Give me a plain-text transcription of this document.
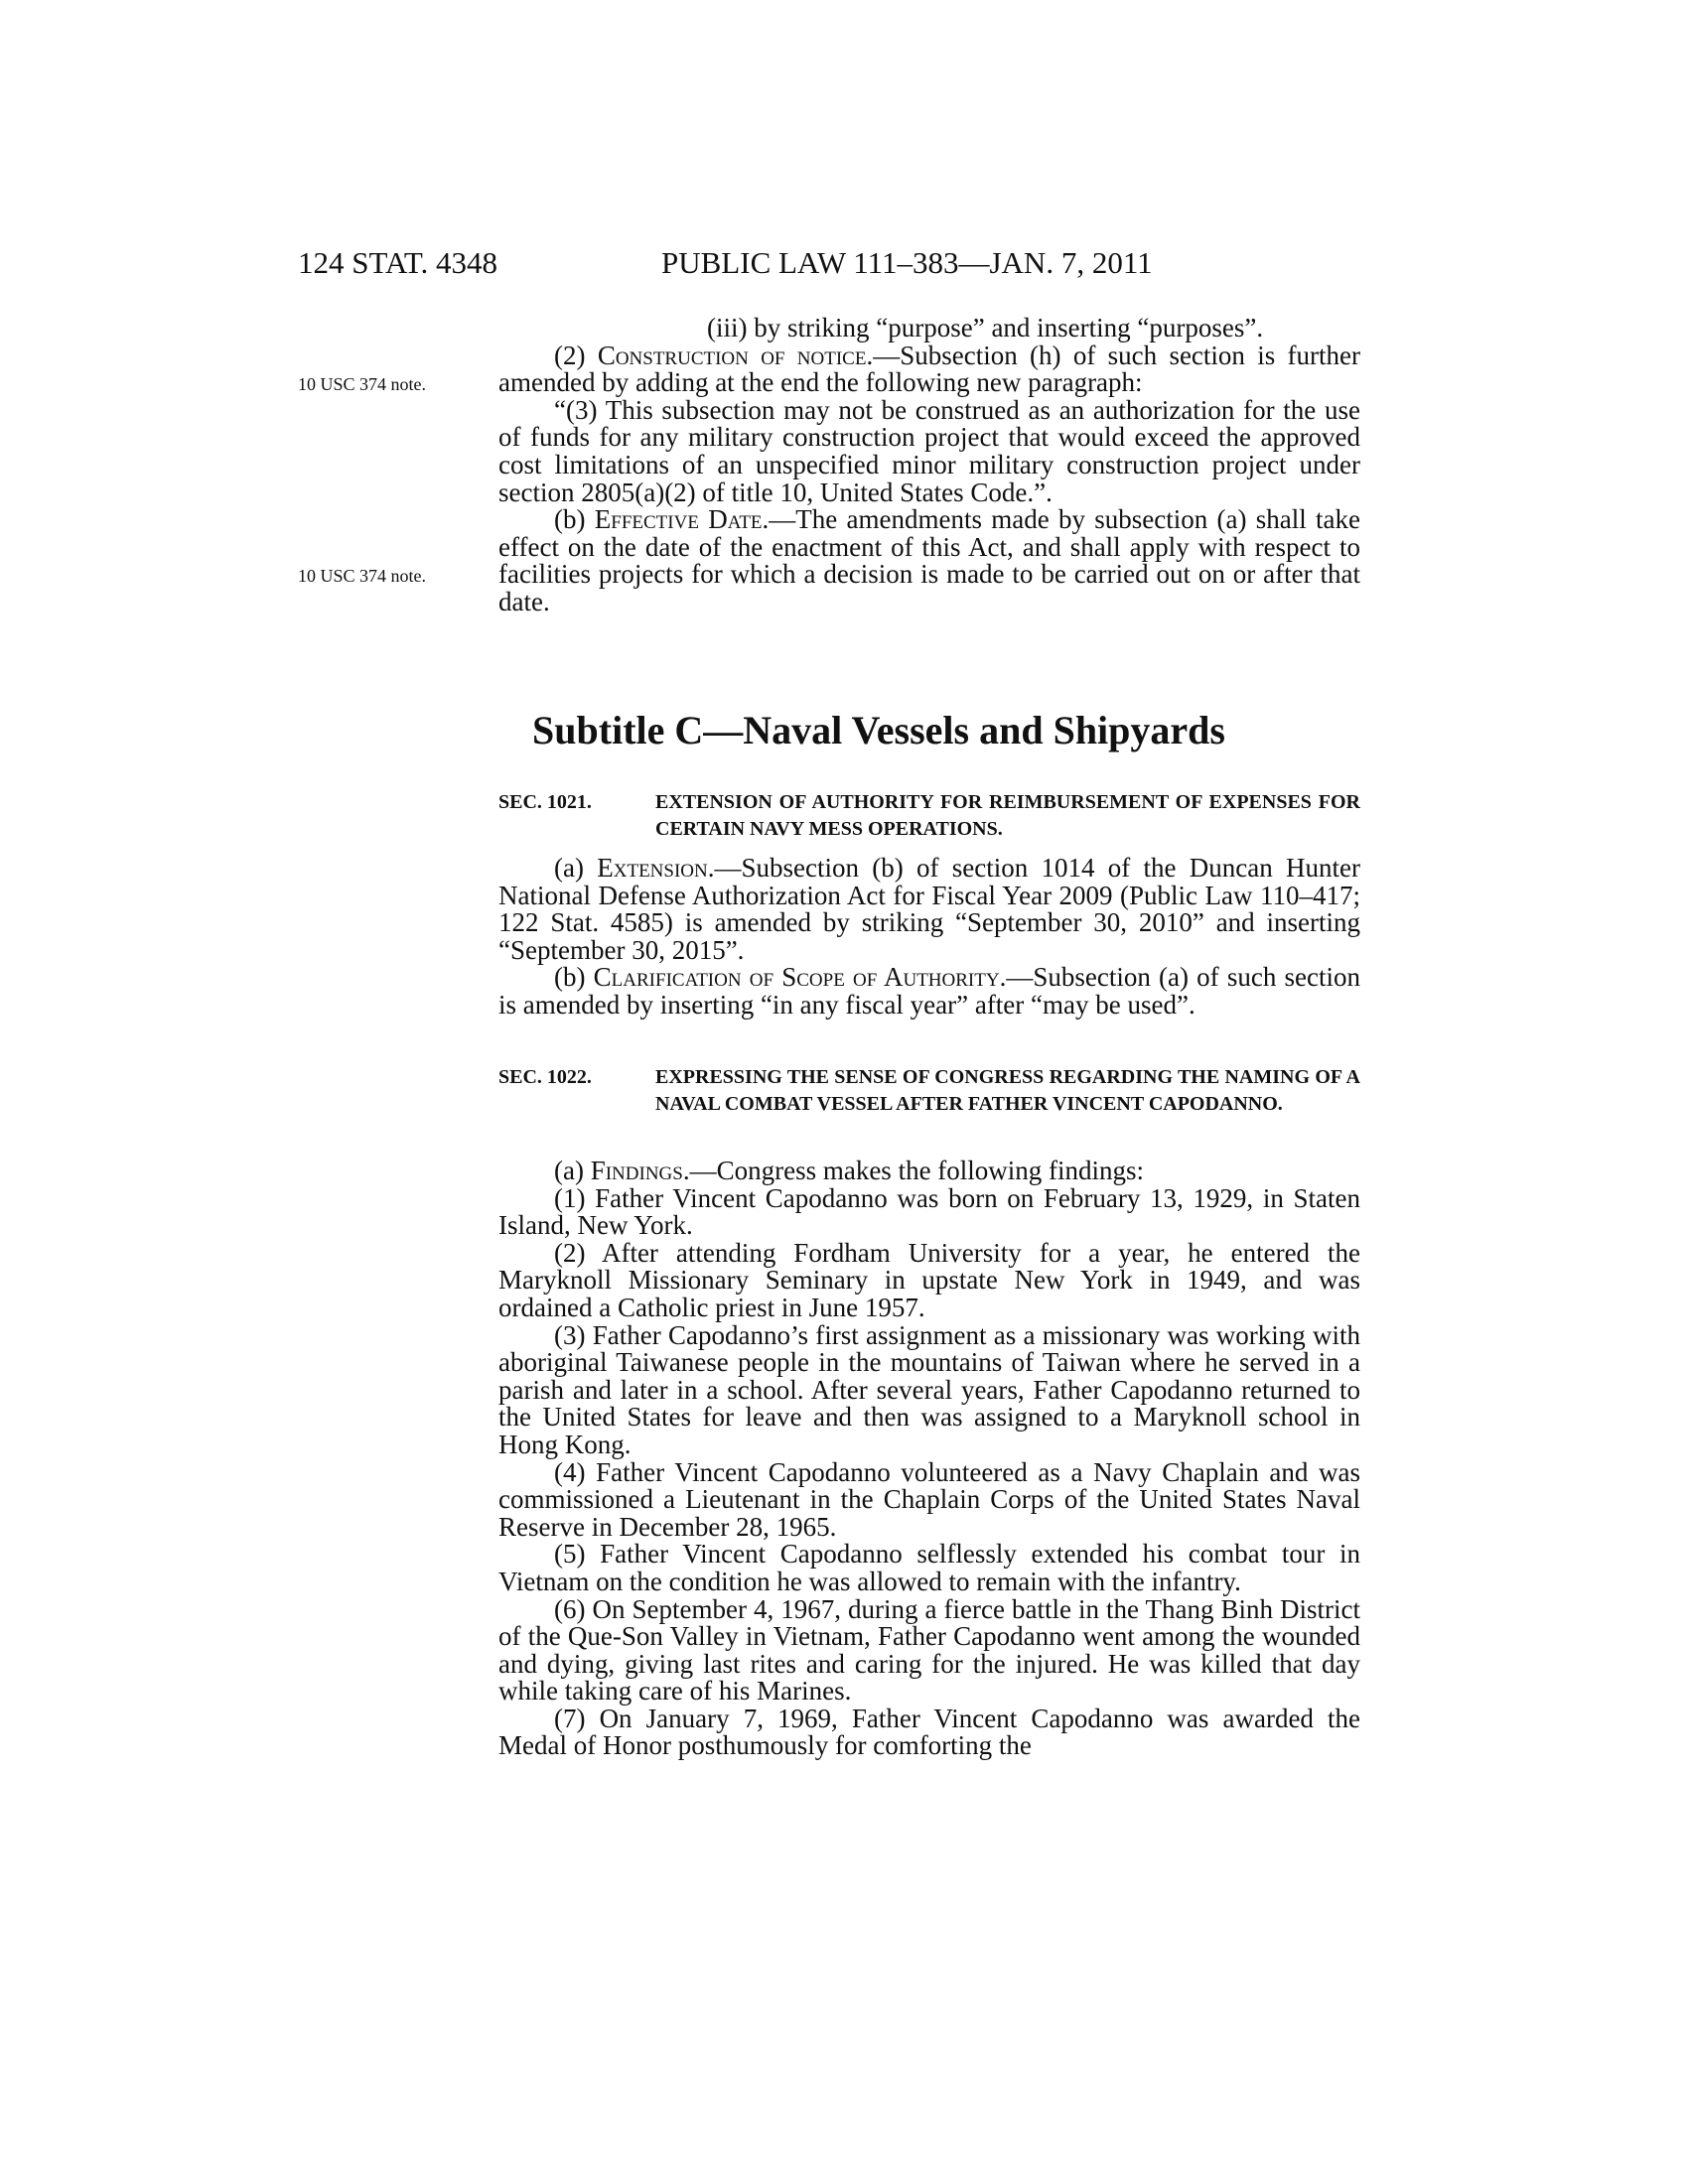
124 STAT. 4348	PUBLIC LAW 111–383—JAN. 7, 2011
10 USC 374 note.
10 USC 374 note.

(iii) by striking “purpose” and inserting “purposes”.

(2) Construction of notice.—Subsection (h) of such section is further amended by adding at the end the following new paragraph:

“(3) This subsection may not be construed as an authorization for the use of funds for any military construction project that would exceed the approved cost limitations of an unspecified minor military construction project under section 2805(a)(2) of title 10, United States Code.”.

(b) Effective Date.—The amendments made by subsection (a) shall take effect on the date of the enactment of this Act, and shall apply with respect to facilities projects for which a decision is made to be carried out on or after that date.

Subtitle C—Naval Vessels and Shipyards
SEC. 1021.	EXTENSION OF AUTHORITY FOR REIMBURSEMENT OF EXPENSES FOR CERTAIN NAVY MESS OPERATIONS.

(a) Extension.—Subsection (b) of section 1014 of the Duncan Hunter National Defense Authorization Act for Fiscal Year 2009 (Public Law 110–417; 122 Stat. 4585) is amended by striking “September 30, 2010” and inserting “September 30, 2015”.

(b) Clarification of Scope of Authority.—Subsection (a) of such section is amended by inserting “in any fiscal year” after “may be used”.

SEC. 1022.	EXPRESSING THE SENSE OF CONGRESS REGARDING THE NAMING OF A NAVAL COMBAT VESSEL AFTER FATHER VINCENT CAPODANNO.

(a) Findings.—Congress makes the following findings:

(1) Father Vincent Capodanno was born on February 13, 1929, in Staten Island, New York.

(2) After attending Fordham University for a year, he entered the Maryknoll Missionary Seminary in upstate New York in 1949, and was ordained a Catholic priest in June 1957.

(3) Father Capodanno’s first assignment as a missionary was working with aboriginal Taiwanese people in the mountains of Taiwan where he served in a parish and later in a school. After several years, Father Capodanno returned to the United States for leave and then was assigned to a Maryknoll school in Hong Kong.

(4) Father Vincent Capodanno volunteered as a Navy Chaplain and was commissioned a Lieutenant in the Chaplain Corps of the United States Naval Reserve in December 28, 1965.

(5) Father Vincent Capodanno selflessly extended his combat tour in Vietnam on the condition he was allowed to remain with the infantry.

(6) On September 4, 1967, during a fierce battle in the Thang Binh District of the Que-Son Valley in Vietnam, Father Capodanno went among the wounded and dying, giving last rites and caring for the injured. He was killed that day while taking care of his Marines.

(7) On January 7, 1969, Father Vincent Capodanno was awarded the Medal of Honor posthumously for comforting the
